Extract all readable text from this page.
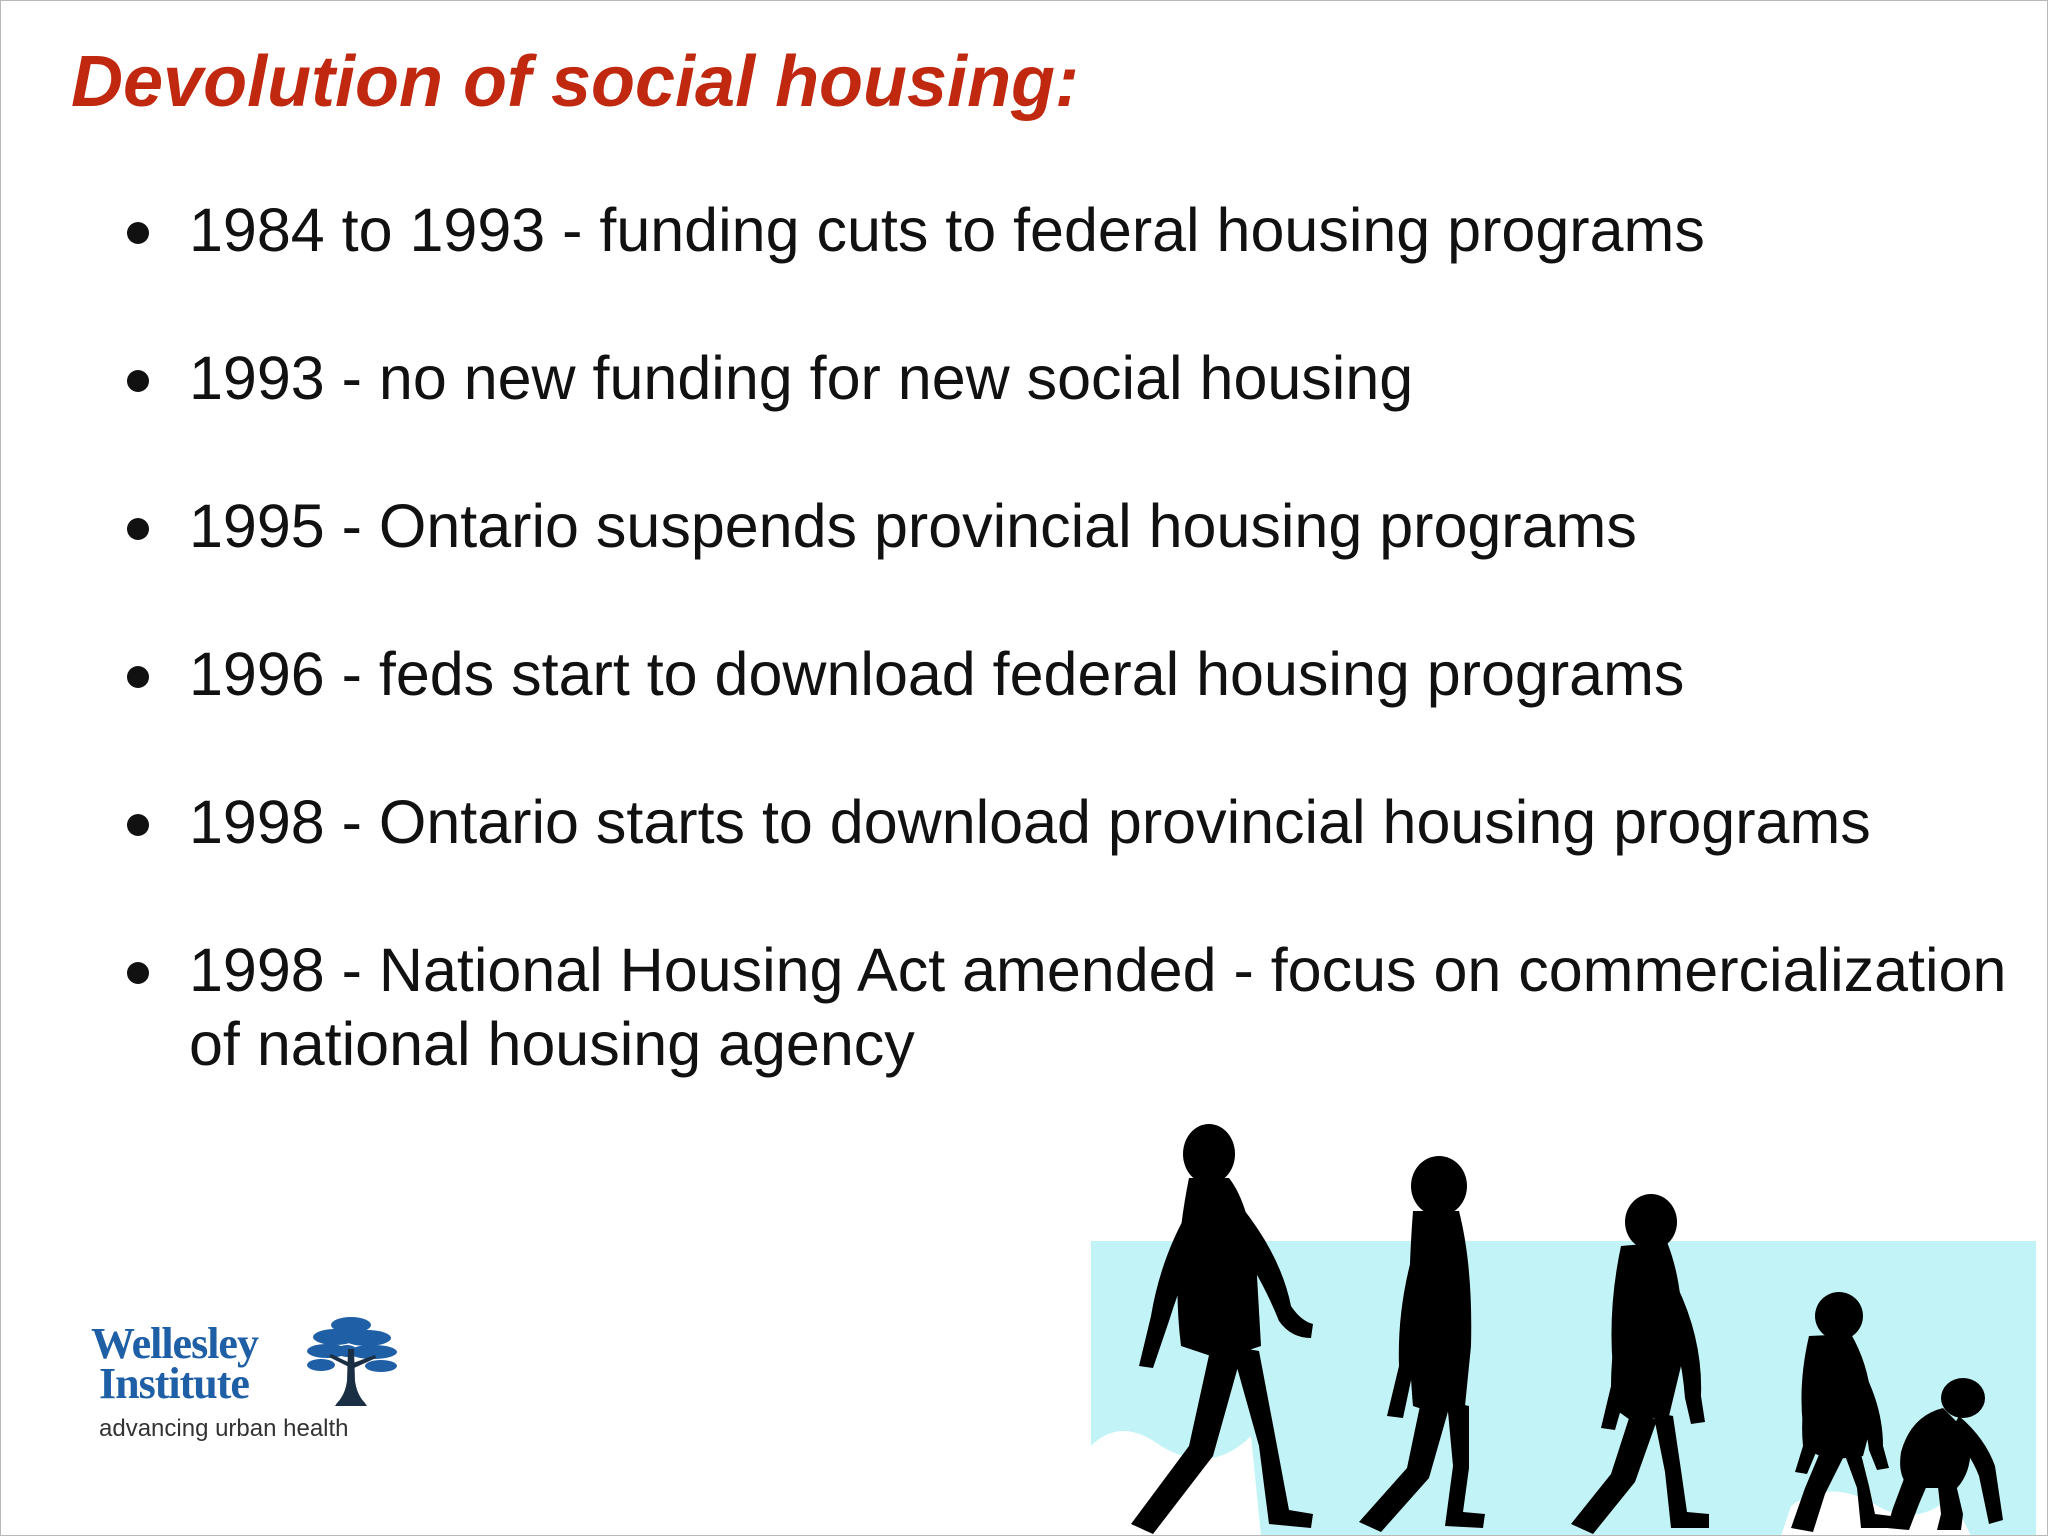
Devolution of social housing:
1984 to 1993 - funding cuts to federal housing programs
1993 - no new funding for new social housing
1995 - Ontario suspends provincial housing programs
1996 - feds start to download federal housing programs
1998 - Ontario starts to download provincial housing programs
1998 - National Housing Act amended - focus on commercialization of national housing agency
Wellesley
Institute
advancing urban health
